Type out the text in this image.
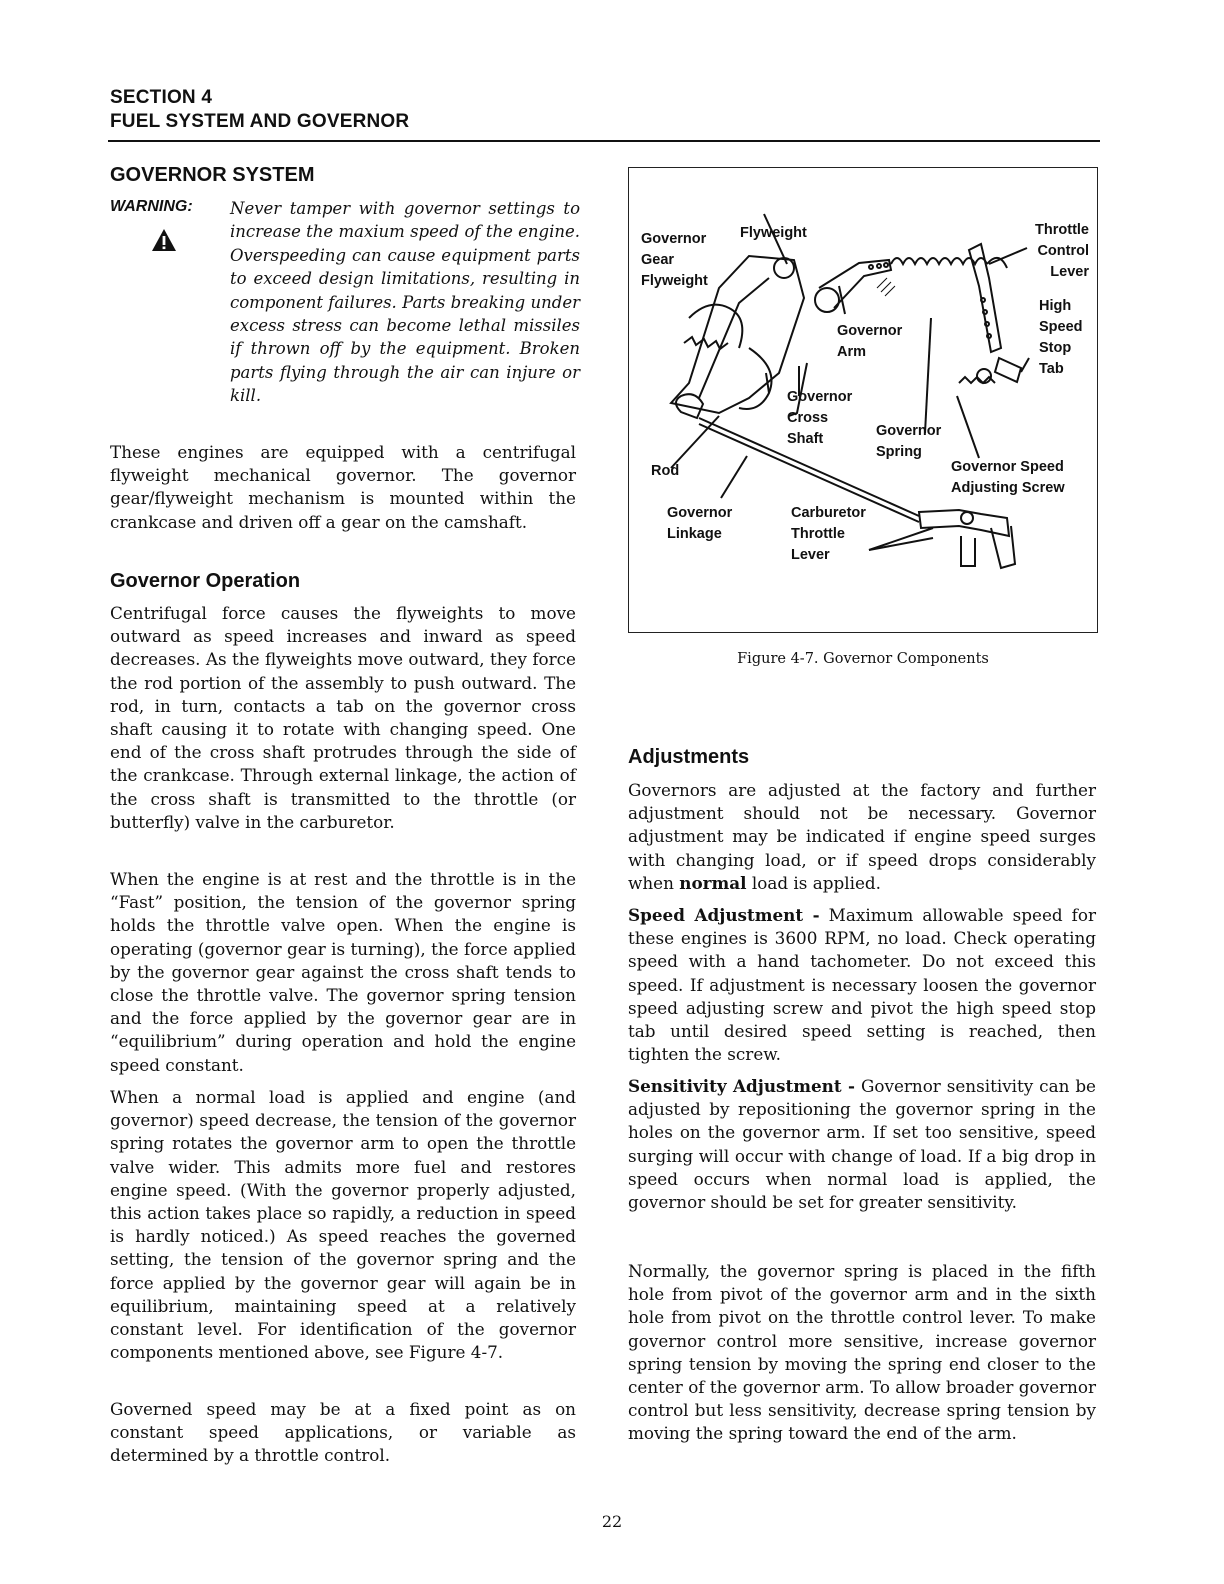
SECTION 4
FUEL SYSTEM AND GOVERNOR
GOVERNOR SYSTEM
WARNING: Never tamper with governor settings to increase the maxium speed of the engine. Overspeeding can cause equipment parts to exceed design limitations, resulting in component failures. Parts breaking under excess stress can become lethal missiles if thrown off by the equipment. Broken parts flying through the air can injure or kill.

These engines are equipped with a centrifugal flyweight mechanical governor. The governor gear/flyweight mechanism is mounted within the crankcase and driven off a gear on the camshaft.

Governor Operation

Centrifugal force causes the flyweights to move outward as speed increases and inward as speed decreases. As the flyweights move outward, they force the rod portion of the assembly to push outward. The rod, in turn, contacts a tab on the governor cross shaft causing it to rotate with changing speed. One end of the cross shaft protrudes through the side of the crankcase. Through external linkage, the action of the cross shaft is transmitted to the throttle (or butterfly) valve in the carburetor.

When the engine is at rest and the throttle is in the “Fast” position, the tension of the governor spring holds the throttle valve open. When the engine is operating (governor gear is turning), the force applied by the governor gear against the cross shaft tends to close the throttle valve. The governor spring tension and the force applied by the governor gear are in “equilibrium” during operation and hold the engine speed constant.

When a normal load is applied and engine (and governor) speed decrease, the tension of the governor spring rotates the governor arm to open the throttle valve wider. This admits more fuel and restores engine speed. (With the governor properly adjusted, this action takes place so rapidly, a reduction in speed is hardly noticed.) As speed reaches the governed setting, the tension of the governor spring and the force applied by the governor gear will again be in equilibrium, maintaining speed at a relatively constant level. For identification of the governor components mentioned above, see Figure 4-7.

Governed speed may be at a fixed point as on constant speed applications, or variable as determined by a throttle control.

Governor Gear Flyweight
Flyweight	Throttle Control Lever
High Speed Stop Tab
Governor Arm
Governor Cross Shaft	Governor Spring
Rod	Governor Speed Adjusting Screw
Governor Linkage
Carburetor Throttle Lever
Figure 4-7. Governor Components
Adjustments

Governors are adjusted at the factory and further adjustment should not be necessary. Governor adjustment may be indicated if engine speed surges with changing load, or if speed drops considerably when normal load is applied.

Speed Adjustment - Maximum allowable speed for these engines is 3600 RPM, no load. Check operating speed with a hand tachometer. Do not exceed this speed. If adjustment is necessary loosen the governor speed adjusting screw and pivot the high speed stop tab until desired speed setting is reached, then tighten the screw.

Sensitivity Adjustment - Governor sensitivity can be adjusted by repositioning the governor spring in the holes on the governor arm. If set too sensitive, speed surging will occur with change of load. If a big drop in speed occurs when normal load is applied, the governor should be set for greater sensitivity.

Normally, the governor spring is placed in the fifth hole from pivot of the governor arm and in the sixth hole from pivot on the throttle control lever. To make governor control more sensitive, increase governor spring tension by moving the spring end closer to the center of the governor arm. To allow broader governor control but less sensitivity, decrease spring tension by moving the spring toward the end of the arm.

22
